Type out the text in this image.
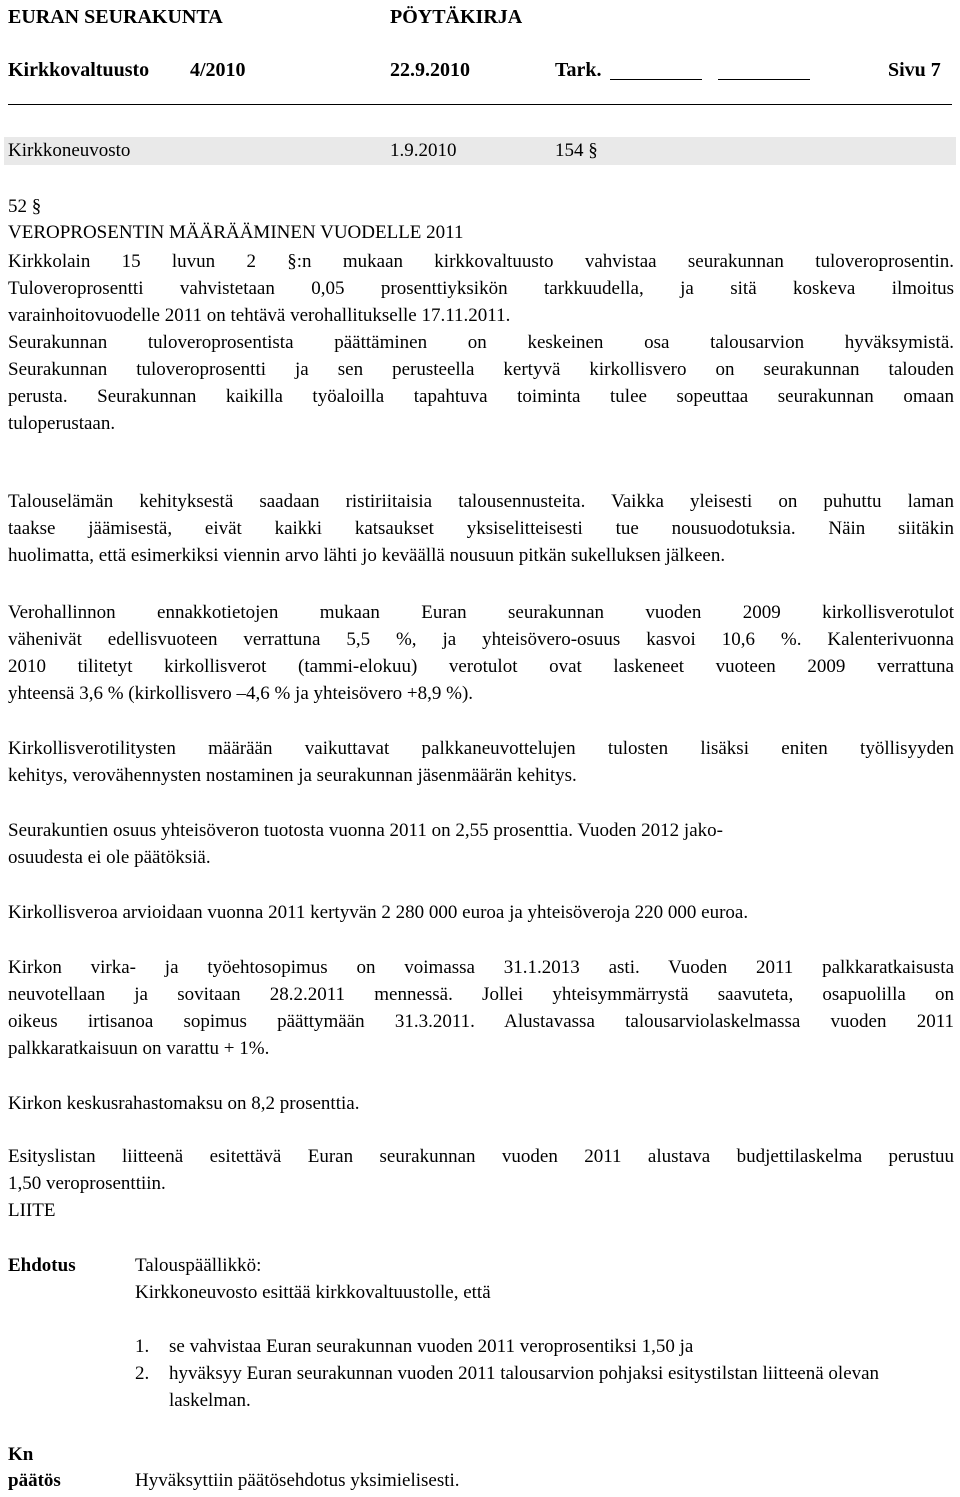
EURAN SEURAKUNTA	PÖYTÄKIRJA
Kirkkovaltuusto 4/2010	22.9.2010	Tark.	Sivu 7
Kirkkoneuvosto	1.9.2010	154 §
52 §
VEROPROSENTIN MÄÄRÄÄMINEN VUODELLE 2011
Kirkkolain 15 luvun 2 §:n mukaan kirkkovaltuusto vahvistaa seurakunnan tuloveroprosentin.
Tuloveroprosentti vahvistetaan 0,05 prosenttiyksikön tarkkuudella, ja sitä koskeva ilmoitus
varainhoitovuodelle 2011 on tehtävä verohallitukselle 17.11.2011.
Seurakunnan tuloveroprosentista päättäminen on keskeinen osa talousarvion hyväksymistä.
Seurakunnan tuloveroprosentti ja sen perusteella kertyvä kirkollisvero on seurakunnan talouden
perusta. Seurakunnan kaikilla työaloilla tapahtuva toiminta tulee sopeuttaa seurakunnan omaan
tuloperustaan.
Talouselämän kehityksestä saadaan ristiriitaisia talousennusteita. Vaikka yleisesti on puhuttu laman
taakse jäämisestä, eivät kaikki katsaukset yksiselitteisesti tue nousuodotuksia. Näin siitäkin
huolimatta, että esimerkiksi viennin arvo lähti jo keväällä nousuun pitkän sukelluksen jälkeen.
Verohallinnon ennakkotietojen mukaan Euran seurakunnan vuoden 2009 kirkollisverotulot
vähenivät edellisvuoteen verrattuna 5,5 %, ja yhteisövero-osuus kasvoi 10,6 %. Kalenterivuonna
2010 tilitetyt kirkollisverot (tammi-elokuu) verotulot ovat laskeneet vuoteen 2009 verrattuna
yhteensä 3,6 % (kirkollisvero –4,6 % ja yhteisövero +8,9 %).
Kirkollisverotilitysten määrään vaikuttavat palkkaneuvottelujen tulosten lisäksi eniten työllisyyden
kehitys, verovähennysten nostaminen ja seurakunnan jäsenmäärän kehitys.
Seurakuntien osuus yhteisöveron tuotosta vuonna 2011 on 2,55 prosenttia. Vuoden 2012 jako-
osuudesta ei ole päätöksiä.
Kirkollisveroa arvioidaan vuonna 2011 kertyvän 2 280 000 euroa ja yhteisöveroja 220 000 euroa.
Kirkon virka- ja työehtosopimus on voimassa 31.1.2013 asti. Vuoden 2011 palkkaratkaisusta
neuvotellaan ja sovitaan 28.2.2011 mennessä. Jollei yhteisymmärrystä saavuteta, osapuolilla on
oikeus irtisanoa sopimus päättymään 31.3.2011. Alustavassa talousarviolaskelmassa vuoden 2011
palkkaratkaisuun on varattu + 1%.
Kirkon keskusrahastomaksu on 8,2 prosenttia.
Esityslistan liitteenä esitettävä Euran seurakunnan vuoden 2011 alustava budjettilaskelma perustuu
1,50 veroprosenttiin.
LIITE
Ehdotus	Talouspäällikkö:
Kirkkoneuvosto esittää kirkkovaltuustolle, että
1. se vahvistaa Euran seurakunnan vuoden 2011 veroprosentiksi 1,50 ja
2. hyväksyy Euran seurakunnan vuoden 2011 talousarvion pohjaksi esitystilstan liitteenä olevan laskelman.
Kn
päätös	Hyväksyttiin päätösehdotus yksimielisesti.
